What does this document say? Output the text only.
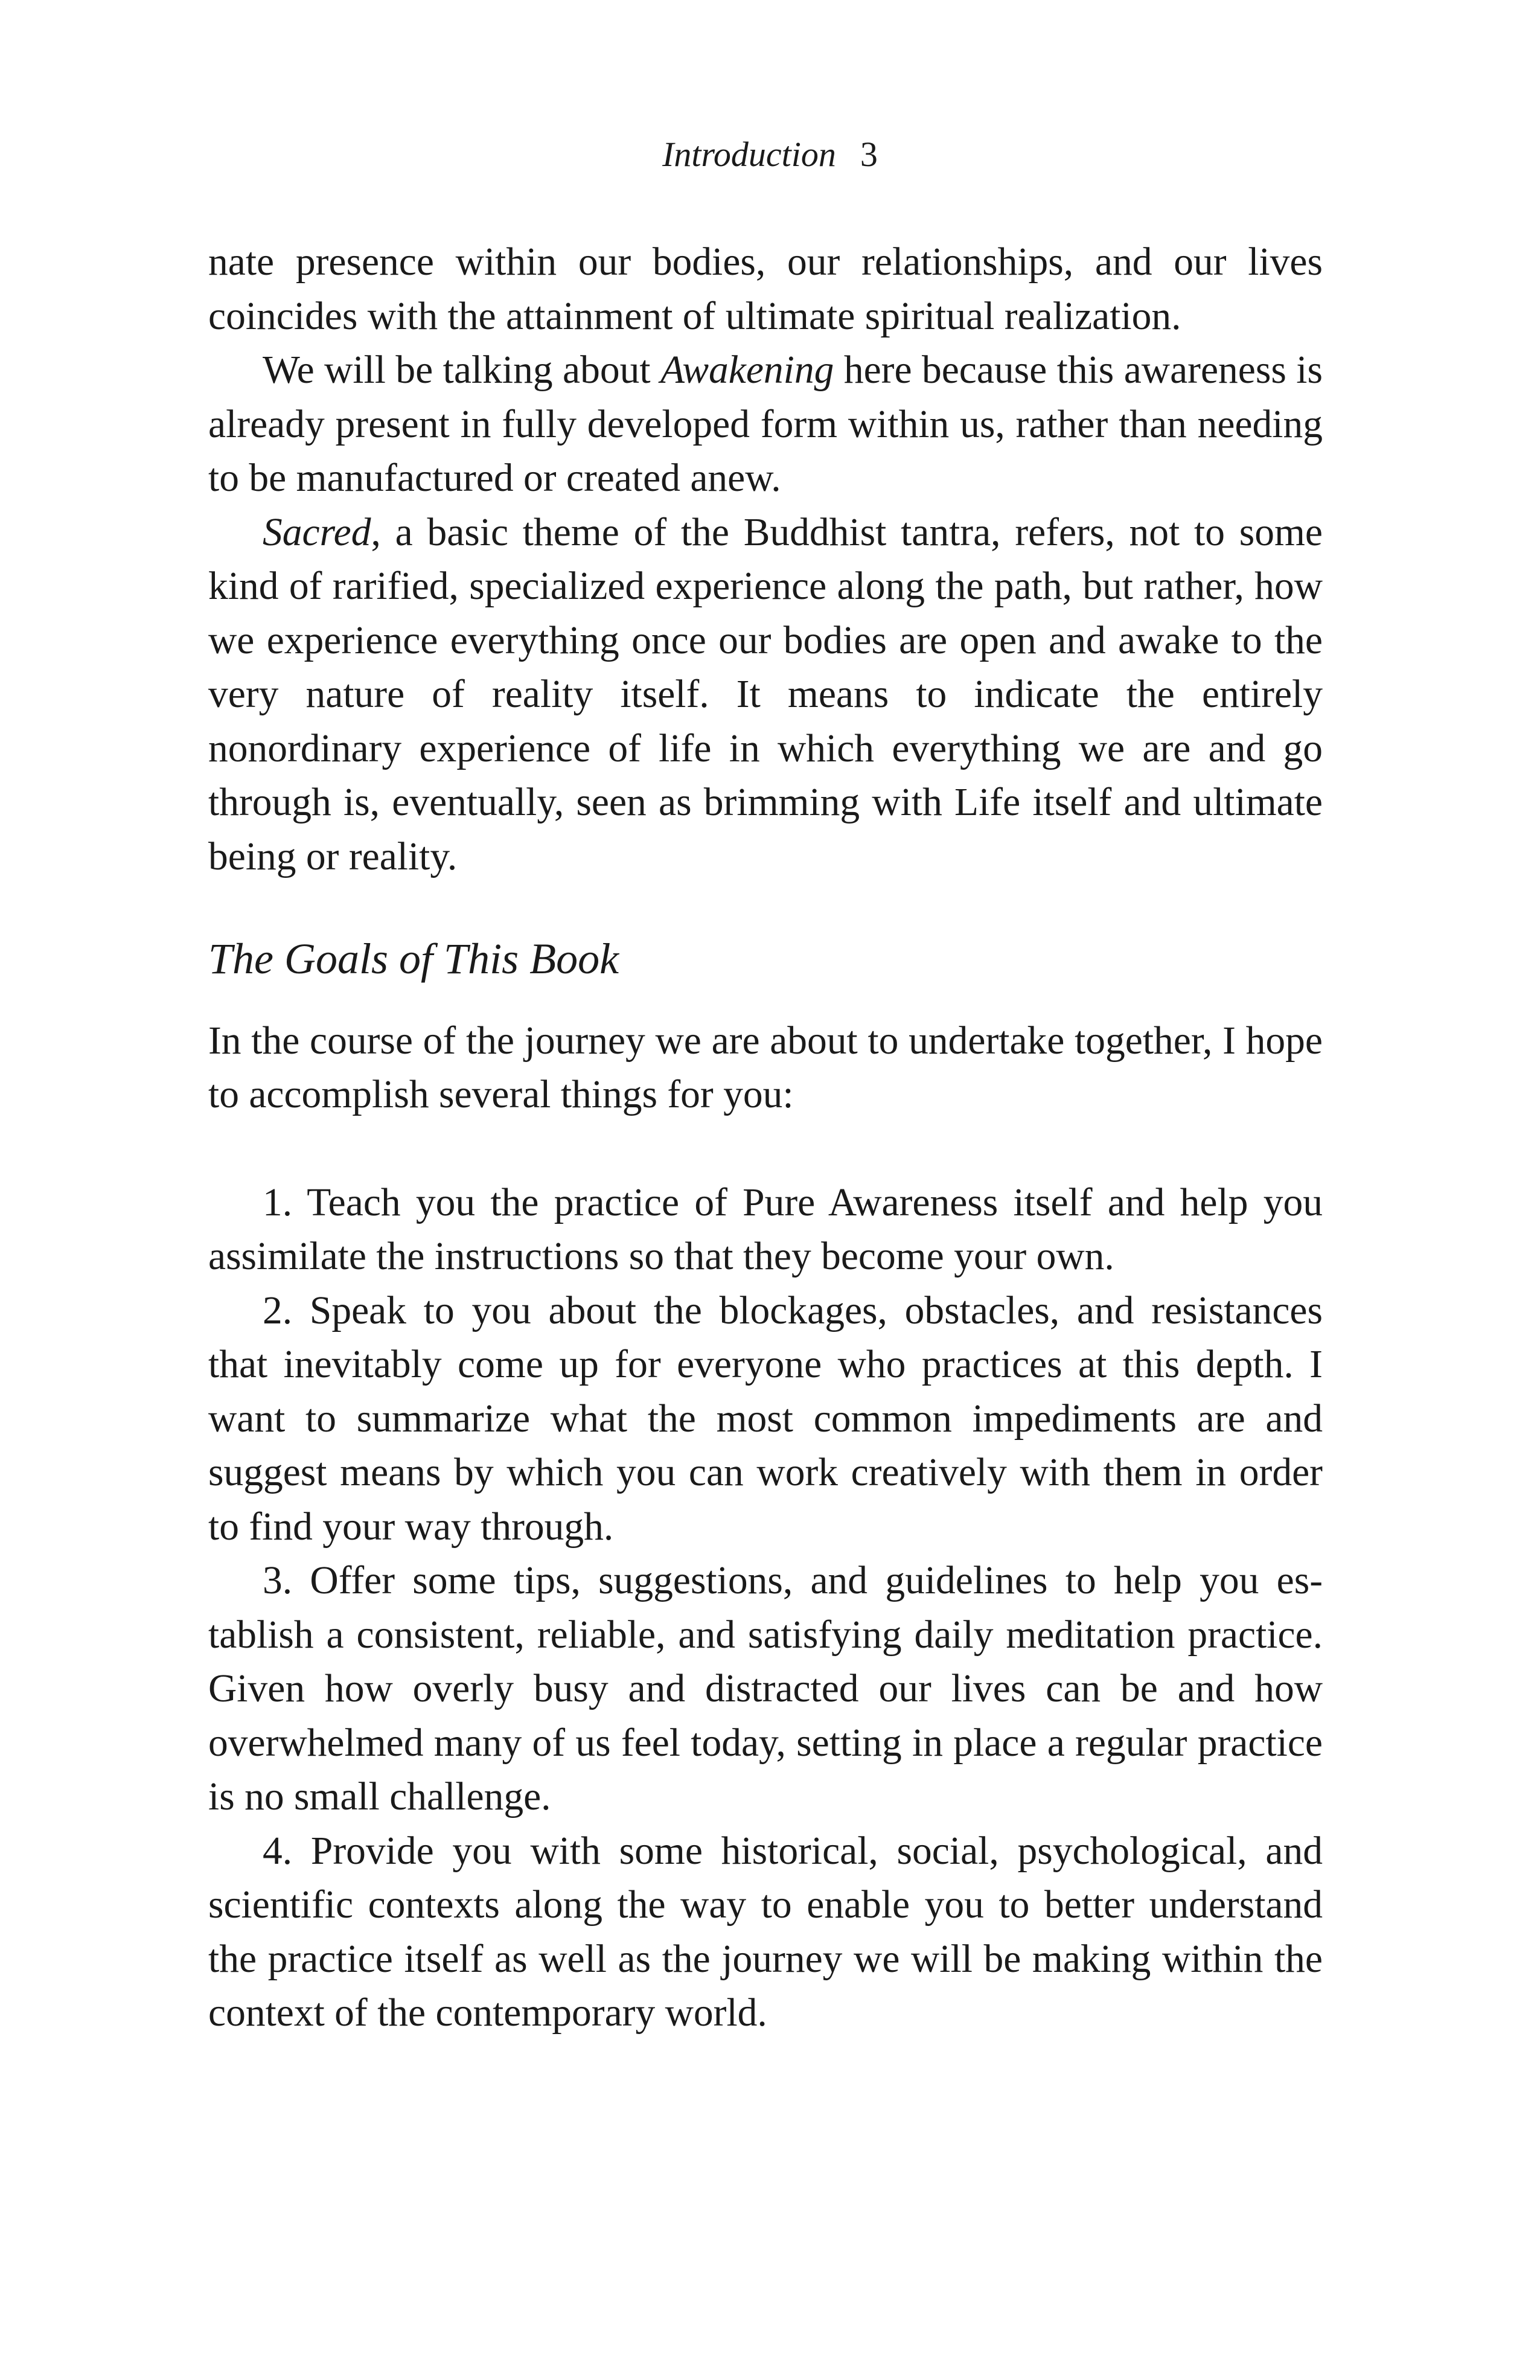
Introduction 3

nate presence within our bodies, our relationships, and our lives coincides with the attainment of ultimate spiritual realization.

We will be talking about Awakening here because this awareness is already present in fully developed form within us, rather than needing to be manufactured or created anew.

Sacred, a basic theme of the Buddhist tantra, refers, not to some kind of rarified, specialized experience along the path, but rather, how we experience everything once our bodies are open and awake to the very nature of reality itself. It means to indicate the entirely nonordinary experience of life in which everything we are and go through is, eventually, seen as brimming with Life itself and ultimate being or reality.

The Goals of This Book

In the course of the journey we are about to undertake together, I hope to accomplish several things for you:

1. Teach you the practice of Pure Awareness itself and help you assimilate the instructions so that they become your own.

2. Speak to you about the blockages, obstacles, and resistances that inevitably come up for everyone who practices at this depth. I want to summarize what the most common impediments are and suggest means by which you can work creatively with them in order to find your way through.

3. Offer some tips, suggestions, and guidelines to help you establish a consistent, reliable, and satisfying daily meditation practice. Given how overly busy and distracted our lives can be and how overwhelmed many of us feel today, setting in place a regular practice is no small challenge.

4. Provide you with some historical, social, psychological, and scientific contexts along the way to enable you to better understand the practice itself as well as the journey we will be making within the context of the contemporary world.
